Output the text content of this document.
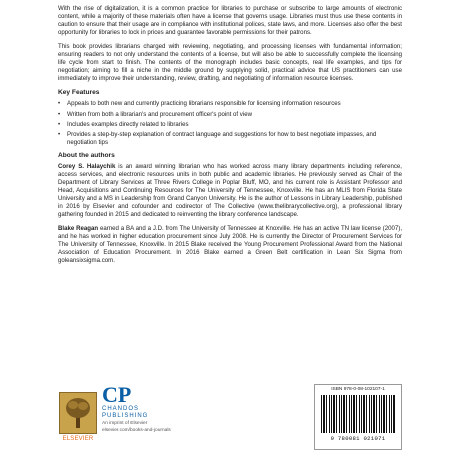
With the rise of digitalization, it is a common practice for libraries to purchase or subscribe to large amounts of electronic content, while a majority of these materials often have a license that governs usage. Libraries must thus use these contents in caution to ensure that their usage are in compliance with institutional polices, state laws, and more. Licenses also offer the best opportunity for libraries to lock in prices and guarantee favorable permissions for their patrons.

This book provides librarians charged with reviewing, negotiating, and processing licenses with fundamental information; ensuring readers to not only understand the contents of a license, but will also be able to successfully complete the licensing life cycle from start to finish. The contents of the monograph includes basic concepts, real life examples, and tips for negotiation; aiming to fill a niche in the middle ground by supplying solid, practical advice that US practitioners can use immediately to improve their understanding, review, drafting, and negotiating of information resource licenses.

Key Features
• Appeals to both new and currently practicing librarians responsible for licensing information resources
• Written from both a librarian's and procurement officer's point of view
• Includes examples directly related to libraries
• Provides a step-by-step explanation of contract language and suggestions for how to best negotiate impasses, and negotiation tips
About the authors

Corey S. Halaychik is an award winning librarian who has worked across many library departments including reference, access services, and electronic resources units in both public and academic libraries. He previously served as Chair of the Department of Library Services at Three Rivers College in Poplar Bluff, MO, and his current role is Assistant Professor and Head, Acquisitions and Continuing Resources for The University of Tennessee, Knoxville. He has an MLIS from Florida State University and a MS in Leadership from Grand Canyon University. He is the author of Lessons in Library Leadership, published in 2016 by Elsevier and cofounder and codirector of The Collective (www.thelibrarycollective.org), a professional library gathering founded in 2015 and dedicated to reinventing the library conference landscape.

Blake Reagan earned a BA and a J.D. from The University of Tennessee at Knoxville. He has an active TN law license (2007), and he has worked in higher education procurement since July 2008. He is currently the Director of Procurement Services for The University of Tennessee, Knoxville. In 2015 Blake received the Young Procurement Professional Award from the National Association of Education Procurement. In 2016 Blake earned a Green Belt certification in Lean Six Sigma from goleansixsigma.com.

ELSEVIER
CP
CHANDOS
PUBLISHING
An imprint of Elsevier
elsevier.com/books-and-journals
ISBN 978-0-08-102107-1
9 780081 021071
